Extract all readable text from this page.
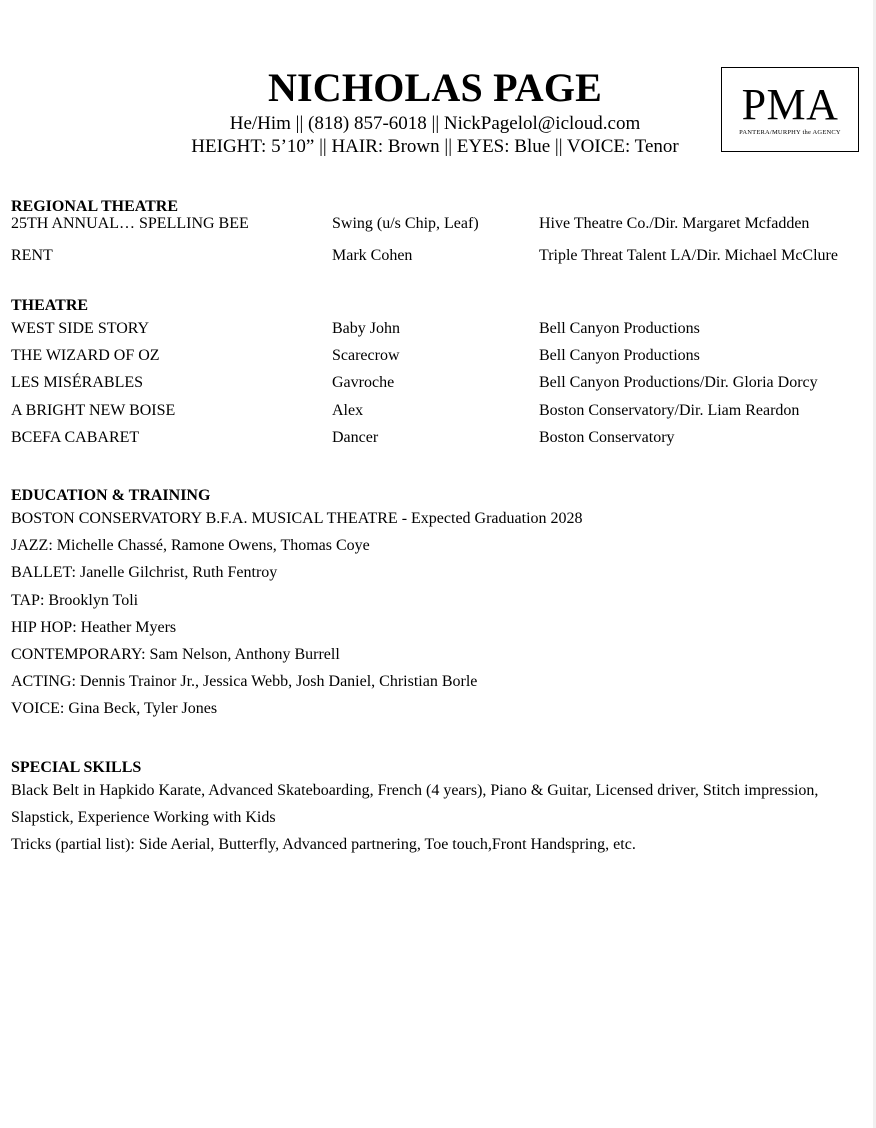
NICHOLAS PAGE
He/Him || (818) 857-6018 || NickPagelol@icloud.com
HEIGHT: 5’10” || HAIR: Brown || EYES: Blue || VOICE: Tenor
PMA
PANTERA/MURPHY the AGENCY
REGIONAL THEATRE
25TH ANNUAL… SPELLING BEE	Swing (u/s Chip, Leaf)	Hive Theatre Co./Dir. Margaret Mcfadden
RENT	Mark Cohen	Triple Threat Talent LA/Dir. Michael McClure
THEATRE
WEST SIDE STORY	Baby John	Bell Canyon Productions
THE WIZARD OF OZ	Scarecrow	Bell Canyon Productions
LES MISÉRABLES	Gavroche	Bell Canyon Productions/Dir. Gloria Dorcy
A BRIGHT NEW BOISE	Alex	Boston Conservatory/Dir. Liam Reardon
BCEFA CABARET	Dancer	Boston Conservatory
EDUCATION & TRAINING
BOSTON CONSERVATORY B.F.A. MUSICAL THEATRE - Expected Graduation 2028
JAZZ: Michelle Chassé, Ramone Owens, Thomas Coye
BALLET: Janelle Gilchrist, Ruth Fentroy
TAP: Brooklyn Toli
HIP HOP: Heather Myers
CONTEMPORARY: Sam Nelson, Anthony Burrell
ACTING: Dennis Trainor Jr., Jessica Webb, Josh Daniel, Christian Borle
VOICE: Gina Beck, Tyler Jones
SPECIAL SKILLS
Black Belt in Hapkido Karate, Advanced Skateboarding, French (4 years), Piano & Guitar, Licensed driver, Stitch impression,
Slapstick, Experience Working with Kids
Tricks (partial list): Side Aerial, Butterfly, Advanced partnering, Toe touch,Front Handspring, etc.
